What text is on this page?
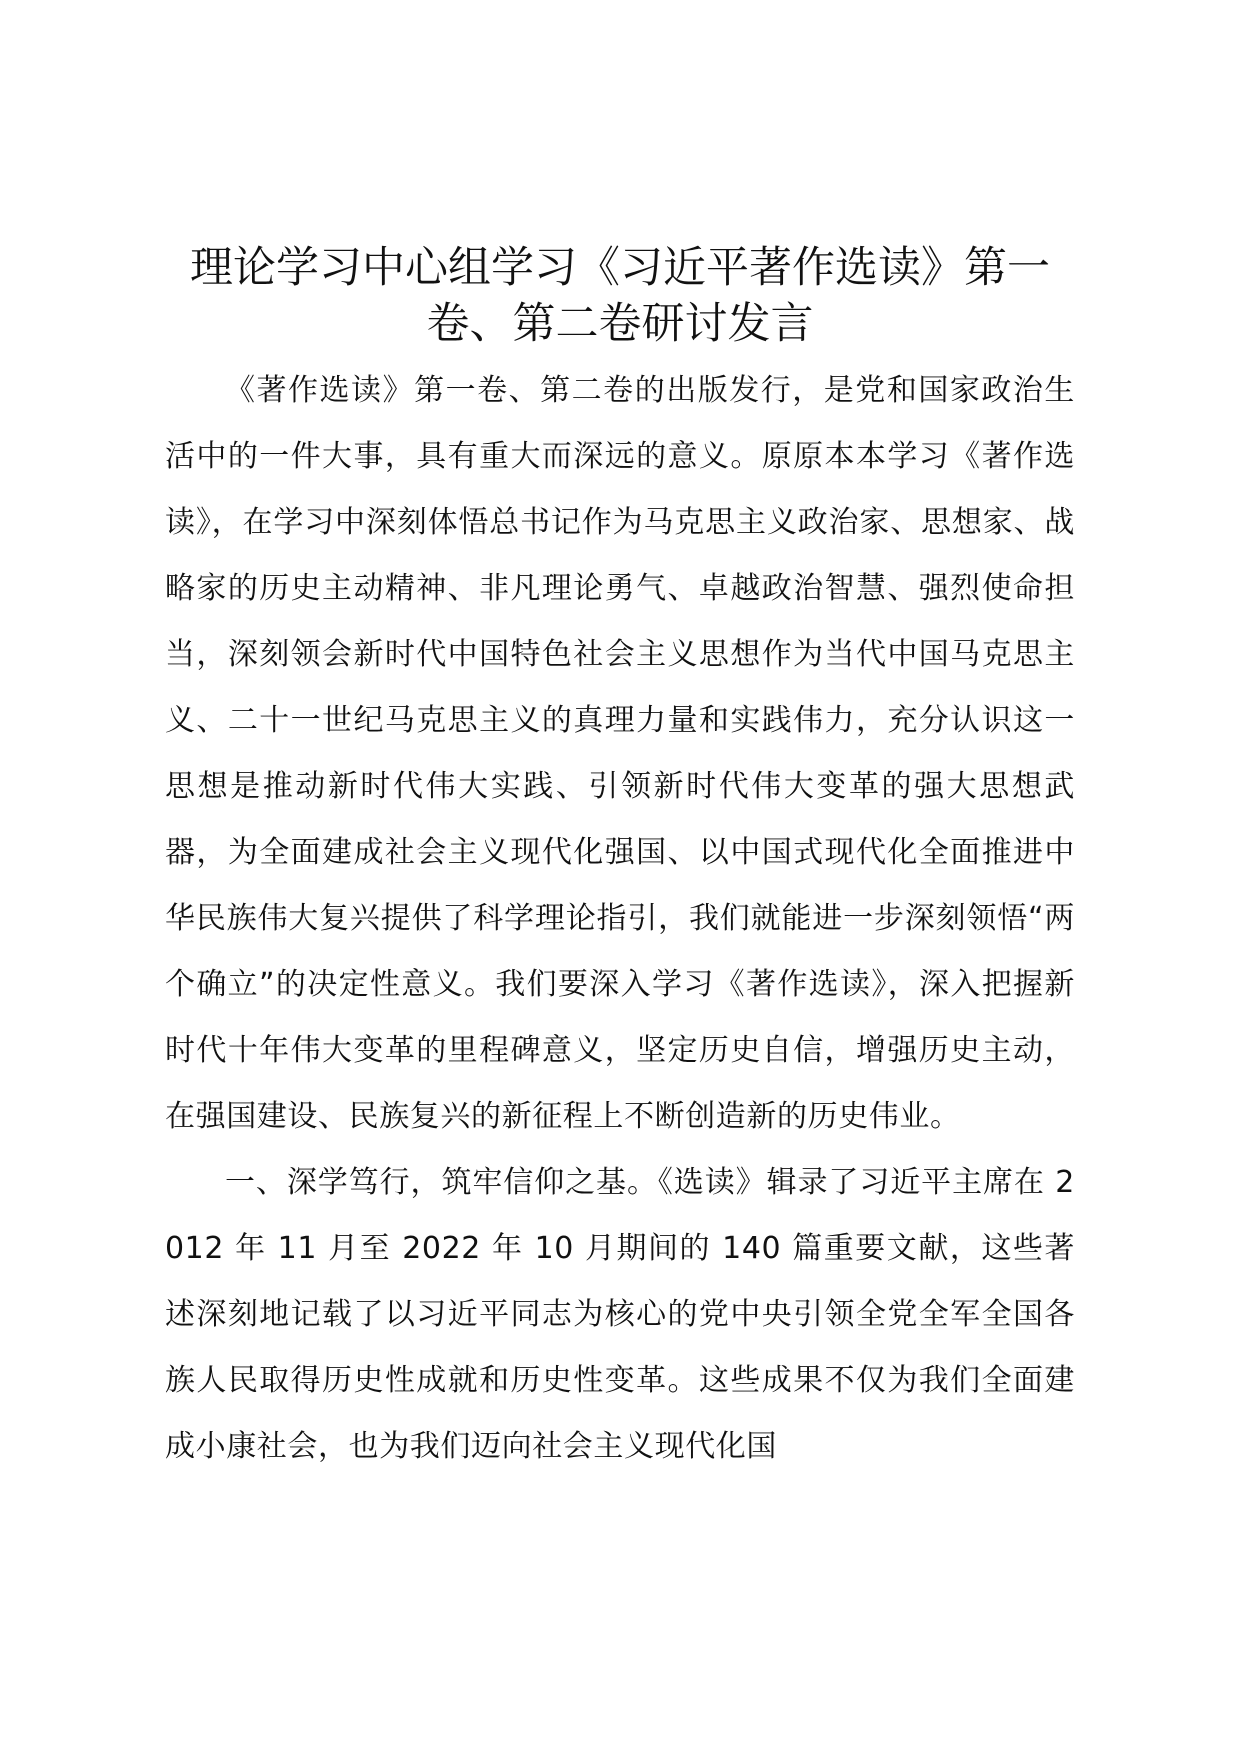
理论学习中心组学习《习近平著作选读》第一卷、第二卷研讨发言

《著作选读》第一卷、第二卷的出版发行，是党和国家政治生活中的一件大事，具有重大而深远的意义。原原本本学习《著作选读》，在学习中深刻体悟总书记作为马克思主义政治家、思想家、战略家的历史主动精神、非凡理论勇气、卓越政治智慧、强烈使命担当，深刻领会新时代中国特色社会主义思想作为当代中国马克思主义、二十一世纪马克思主义的真理力量和实践伟力，充分认识这一思想是推动新时代伟大实践、引领新时代伟大变革的强大思想武器，为全面建成社会主义现代化强国、以中国式现代化全面推进中华民族伟大复兴提供了科学理论指引，我们就能进一步深刻领悟“两个确立”的决定性意义。我们要深入学习《著作选读》，深入把握新时代十年伟大变革的里程碑意义，坚定历史自信，增强历史主动，在强国建设、民族复兴的新征程上不断创造新的历史伟业。

一、深学笃行，筑牢信仰之基。《选读》辑录了习近平主席在 2012 年 11 月至 2022 年 10 月期间的 140 篇重要文献，这些著述深刻地记载了以习近平同志为核心的党中央引领全党全军全国各族人民取得历史性成就和历史性变革。这些成果不仅为我们全面建成小康社会，也为我们迈向社会主义现代化国
